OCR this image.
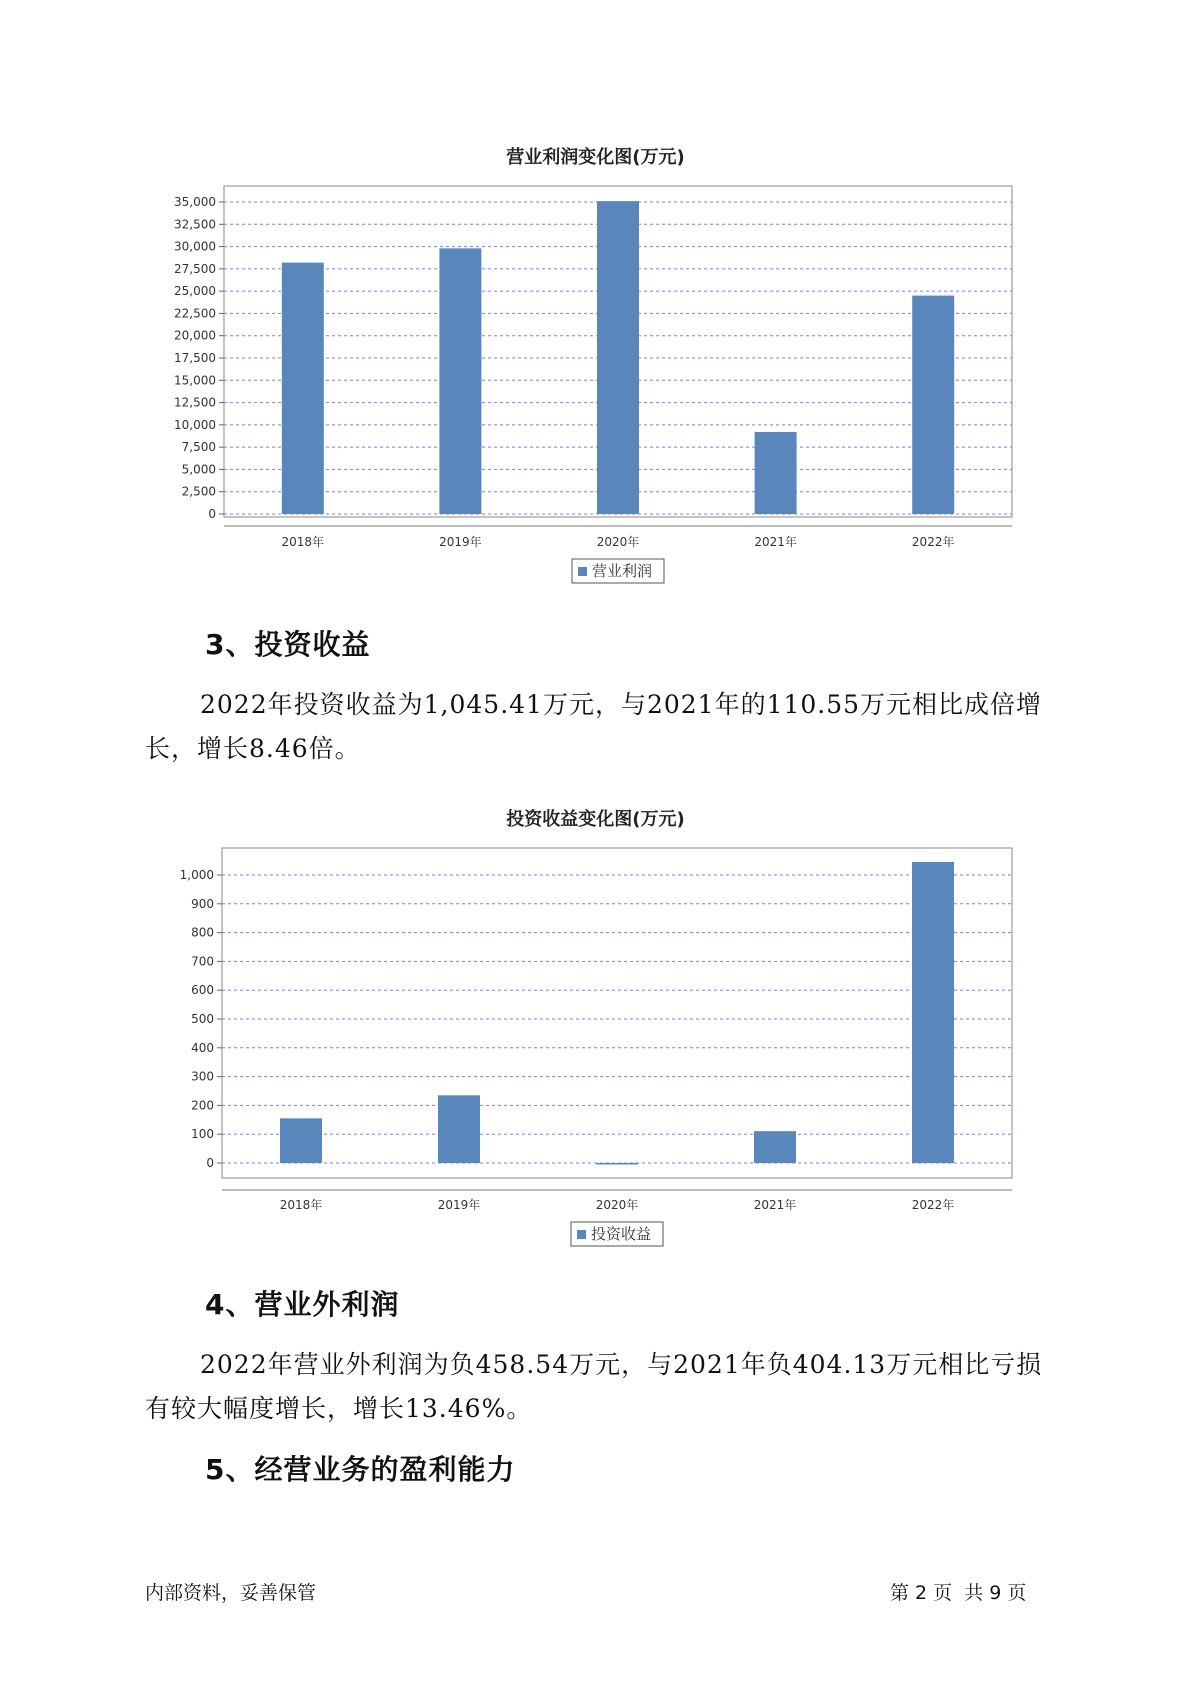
营业利润变化图(万元)
0
2,500
5,000
7,500
10,000
12,500
15,000
17,500
20,000
22,500
25,000
27,500
30,000
32,500
35,000
2018年	2019年	2020年	2021年	2022年
营业利润
3、投资收益
2022年投资收益为1,045.41万元，与2021年的110.55万元相比成倍增长，增长8.46倍。
投资收益变化图(万元)
0
100
200
300
400
500
600
700
800
900
1,000
2018年	2019年	2020年	2021年	2022年
投资收益
4、营业外利润
2022年营业外利润为负458.54万元，与2021年负404.13万元相比亏损有较大幅度增长，增长13.46%。
5、经营业务的盈利能力
内部资料，妥善保管	第 2 页  共 9 页
